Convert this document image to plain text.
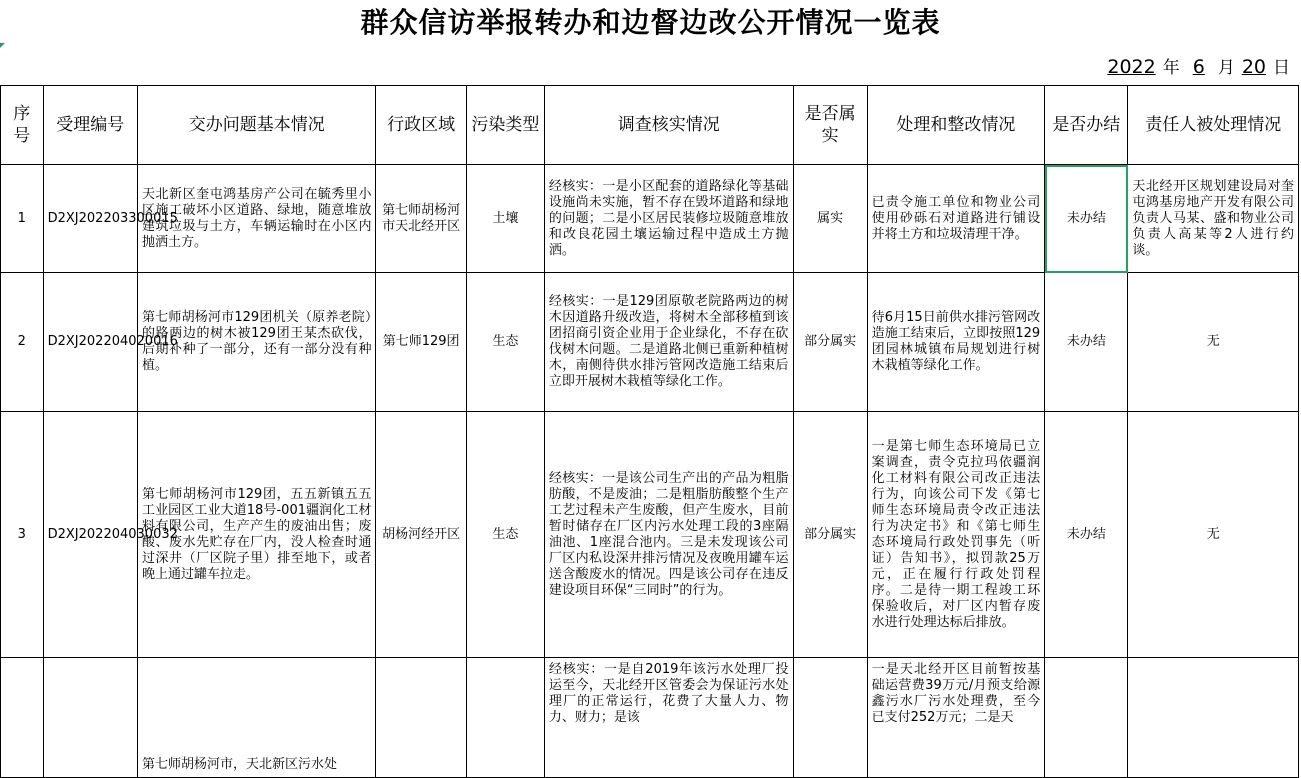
群众信访举报转办和边督边改公开情况一览表
2022 年 6 月 20 日
序号	受理编号	交办问题基本情况	行政区域	污染类型	调查核实情况	是否属实	处理和整改情况	是否办结	责任人被处理情况
1	D2XJ202203300015	天北新区奎屯鸿基房产公司在毓秀里小区施工破坏小区道路、绿地，随意堆放建筑垃圾与土方，车辆运输时在小区内抛洒土方。	第七师胡杨河市天北经开区	土壤	经核实：一是小区配套的道路绿化等基础设施尚未实施，暂不存在毁坏道路和绿地的问题；二是小区居民装修垃圾随意堆放和改良花园土壤运输过程中造成土方抛洒。	属实	已责令施工单位和物业公司使用砂砾石对道路进行铺设并将土方和垃圾清理干净。	未办结	天北经开区规划建设局对奎屯鸿基房地产开发有限公司负责人马某、盛和物业公司负责人高某等2人进行约谈。
2	D2XJ202204020016	第七师胡杨河市129团机关（原养老院）的路两边的树木被129团王某杰砍伐，后期补种了一部分，还有一部分没有种植。	第七师129团	生态	经核实：一是129团原敬老院路两边的树木因道路升级改造，将树木全部移植到该团招商引资企业用于企业绿化，不存在砍伐树木问题。二是道路北侧已重新种植树木，南侧待供水排污管网改造施工结束后立即开展树木栽植等绿化工作。	部分属实	待6月15日前供水排污管网改造施工结束后，立即按照129团园林城镇布局规划进行树木栽植等绿化工作。	未办结	无
3	D2XJ202204030032	第七师胡杨河市129团，五五新镇五五工业园区工业大道18号-001疆润化工材料有限公司，生产产生的废油出售；废酸、废水先贮存在厂内，没人检查时通过深井（厂区院子里）排至地下，或者晚上通过罐车拉走。	胡杨河经开区	生态	经核实：一是该公司生产出的产品为粗脂肪酸，不是废油；二是粗脂肪酸整个生产工艺过程未产生废酸，但产生废水，目前暂时储存在厂区内污水处理工段的3座隔油池、1座混合池内。三是未发现该公司厂区内私设深井排污情况及夜晚用罐车运送含酸废水的情况。四是该公司存在违反建设项目环保“三同时”的行为。	部分属实	一是第七师生态环境局已立案调查，责令克拉玛依疆润化工材料有限公司改正违法行为，向该公司下发《第七师生态环境局责令改正违法行为决定书》和《第七师生态环境局行政处罚事先（听证）告知书》，拟罚款25万元，正在履行行政处罚程序。二是待一期工程竣工环保验收后，对厂区内暂存废水进行处理达标后排放。	未办结	无
		第七师胡杨河市，天北新区污水处			经核实：一是自2019年该污水处理厂投运至今，天北经开区管委会为保证污水处理厂的正常运行，花费了大量人力、物力、财力；是该		一是天北经开区目前暂按基础运营费39万元/月预支给源鑫污水厂污水处理费，至今已支付252万元；二是天		
